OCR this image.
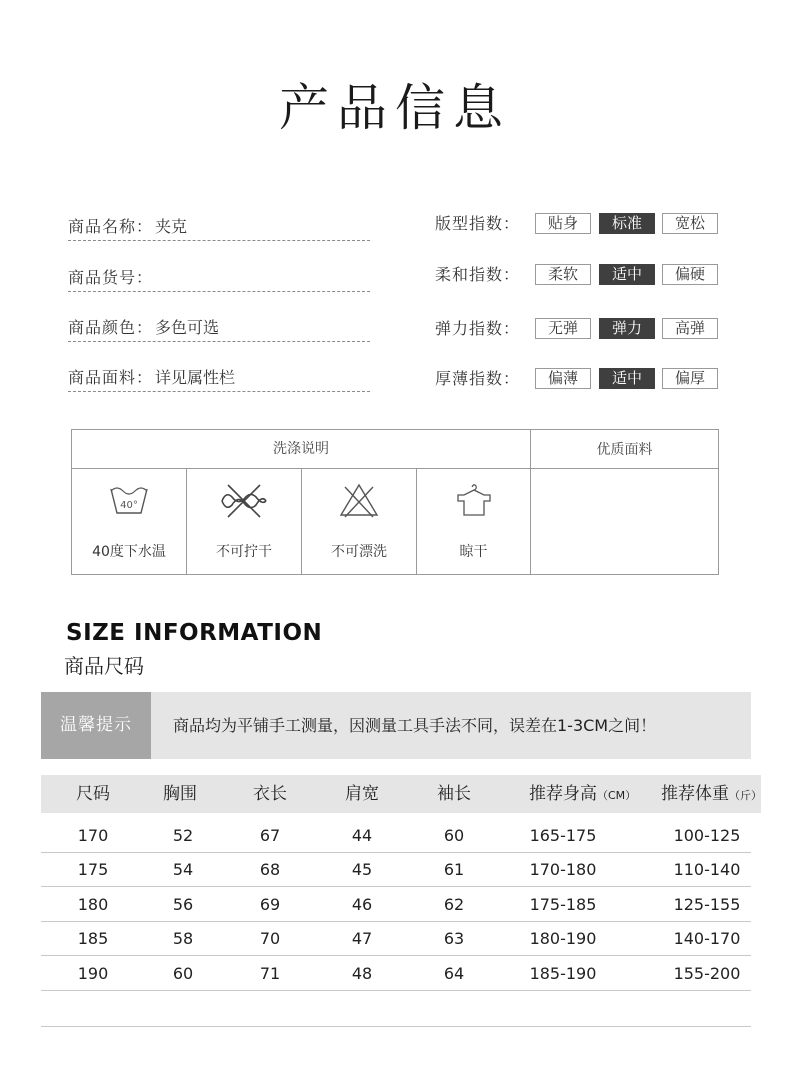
产品信息
商品名称： 夹克
商品货号：
商品颜色： 多色可选
商品面料： 详见属性栏
版型指数：	贴身	标准	宽松
柔和指数：	柔软	适中	偏硬
弹力指数：	无弹	弹力	高弹
厚薄指数：	偏薄	适中	偏厚
洗涤说明	优质面料
40°
40度下水温	不可拧干	不可漂洗	晾干
SIZE INFORMATION
商品尺码
温馨提示	商品均为平铺手工测量，因测量工具手法不同，误差在1-3CM之间！
尺码	胸围	衣长	肩宽	袖长	推荐身高（CM）	推荐体重（斤）
170	52	67	44	60	165-175	100-125
175	54	68	45	61	170-180	110-140
180	56	69	46	62	175-185	125-155
185	58	70	47	63	180-190	140-170
190	60	71	48	64	185-190	155-200
